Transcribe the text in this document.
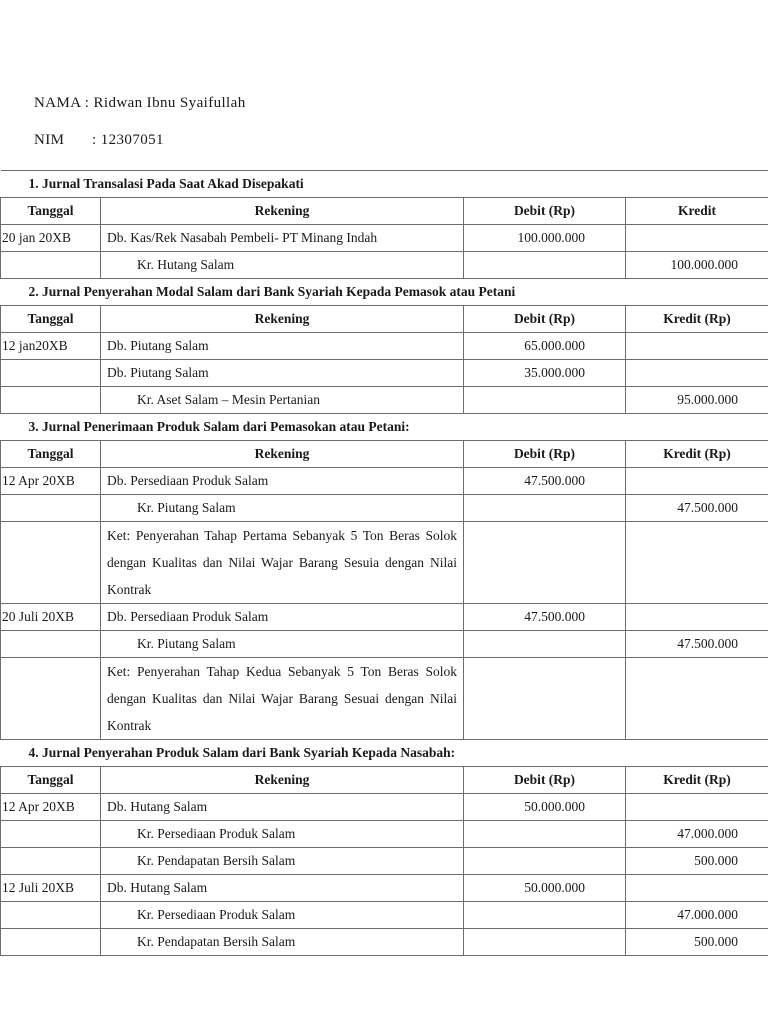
NAMA : Ridwan Ibnu Syaifullah
NIM : 12307051
1. Jurnal Transalasi Pada Saat Akad Disepakati			
Tanggal	Rekening	Debit (Rp)	Kredit
20 jan 20XB	Db. Kas/Rek Nasabah Pembeli- PT Minang Indah	100.000.000	
	Kr. Hutang Salam		100.000.000
2. Jurnal Penyerahan Modal Salam dari Bank Syariah Kepada Pemasok atau Petani			
Tanggal	Rekening	Debit (Rp)	Kredit (Rp)
12 jan20XB	Db. Piutang Salam	65.000.000	
	Db. Piutang Salam	35.000.000	
	Kr. Aset Salam – Mesin Pertanian		95.000.000
3. Jurnal Penerimaan Produk Salam dari Pemasokan atau Petani:			
Tanggal	Rekening	Debit (Rp)	Kredit (Rp)
12 Apr 20XB	Db. Persediaan Produk Salam	47.500.000	
	Kr. Piutang Salam		47.500.000
	Ket: Penyerahan Tahap Pertama Sebanyak 5 Ton Beras Solok dengan Kualitas dan Nilai Wajar Barang Sesuia dengan Nilai Kontrak		
20 Juli 20XB	Db. Persediaan Produk Salam	47.500.000	
	Kr. Piutang Salam		47.500.000
	Ket: Penyerahan Tahap Kedua Sebanyak 5 Ton Beras Solok dengan Kualitas dan Nilai Wajar Barang Sesuai dengan Nilai Kontrak		
4. Jurnal Penyerahan Produk Salam dari Bank Syariah Kepada Nasabah:			
Tanggal	Rekening	Debit (Rp)	Kredit (Rp)
12 Apr 20XB	Db. Hutang Salam	50.000.000	
	Kr. Persediaan Produk Salam		47.000.000
	Kr. Pendapatan Bersih Salam		500.000
12 Juli 20XB	Db. Hutang Salam	50.000.000	
	Kr. Persediaan Produk Salam		47.000.000
	Kr. Pendapatan Bersih Salam		500.000
